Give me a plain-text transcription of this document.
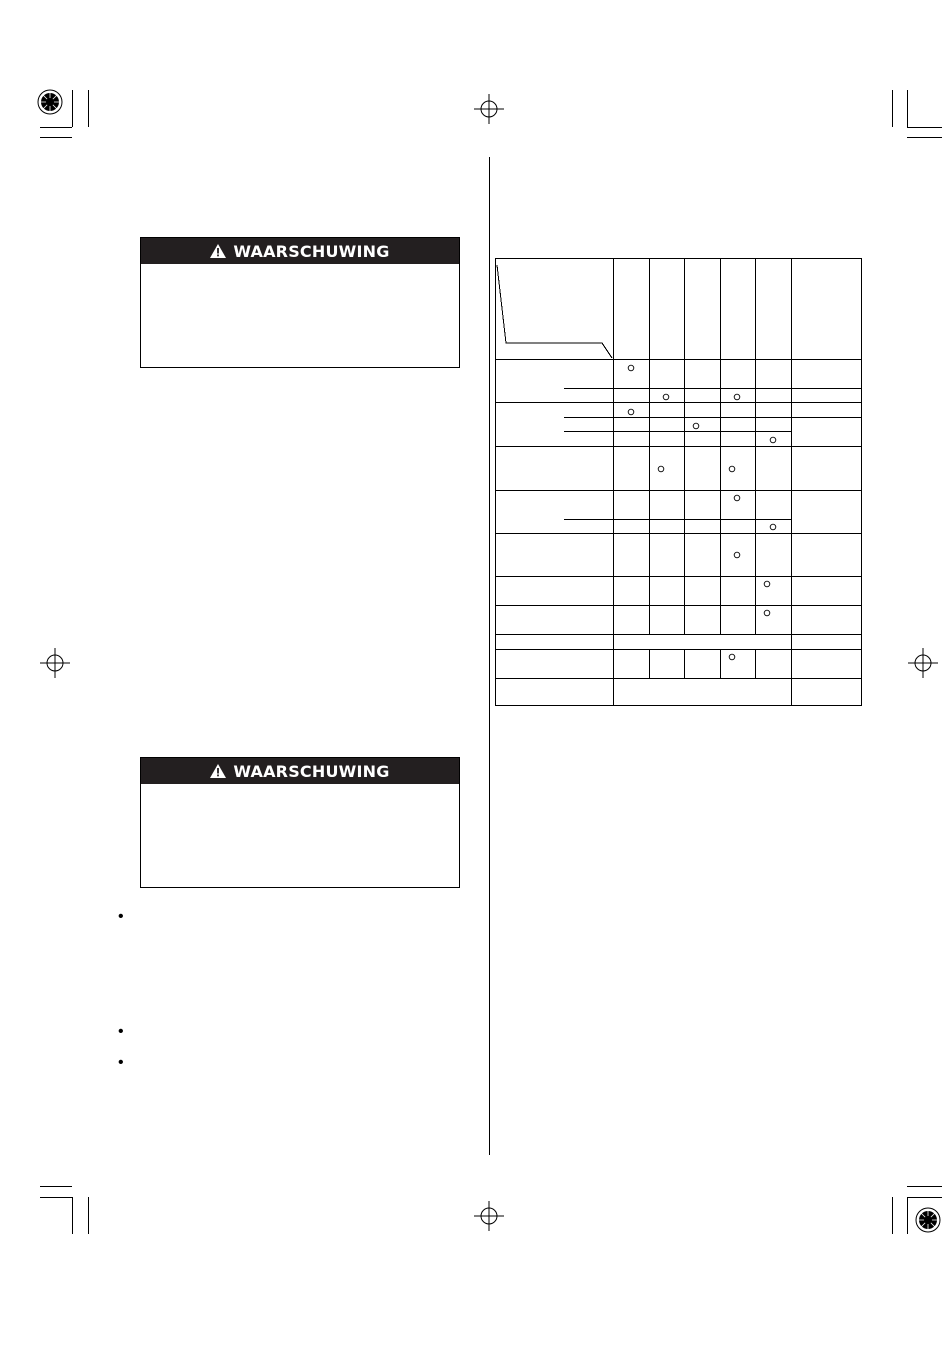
WAARSCHUWING
WAARSCHUWING
•
•
•
